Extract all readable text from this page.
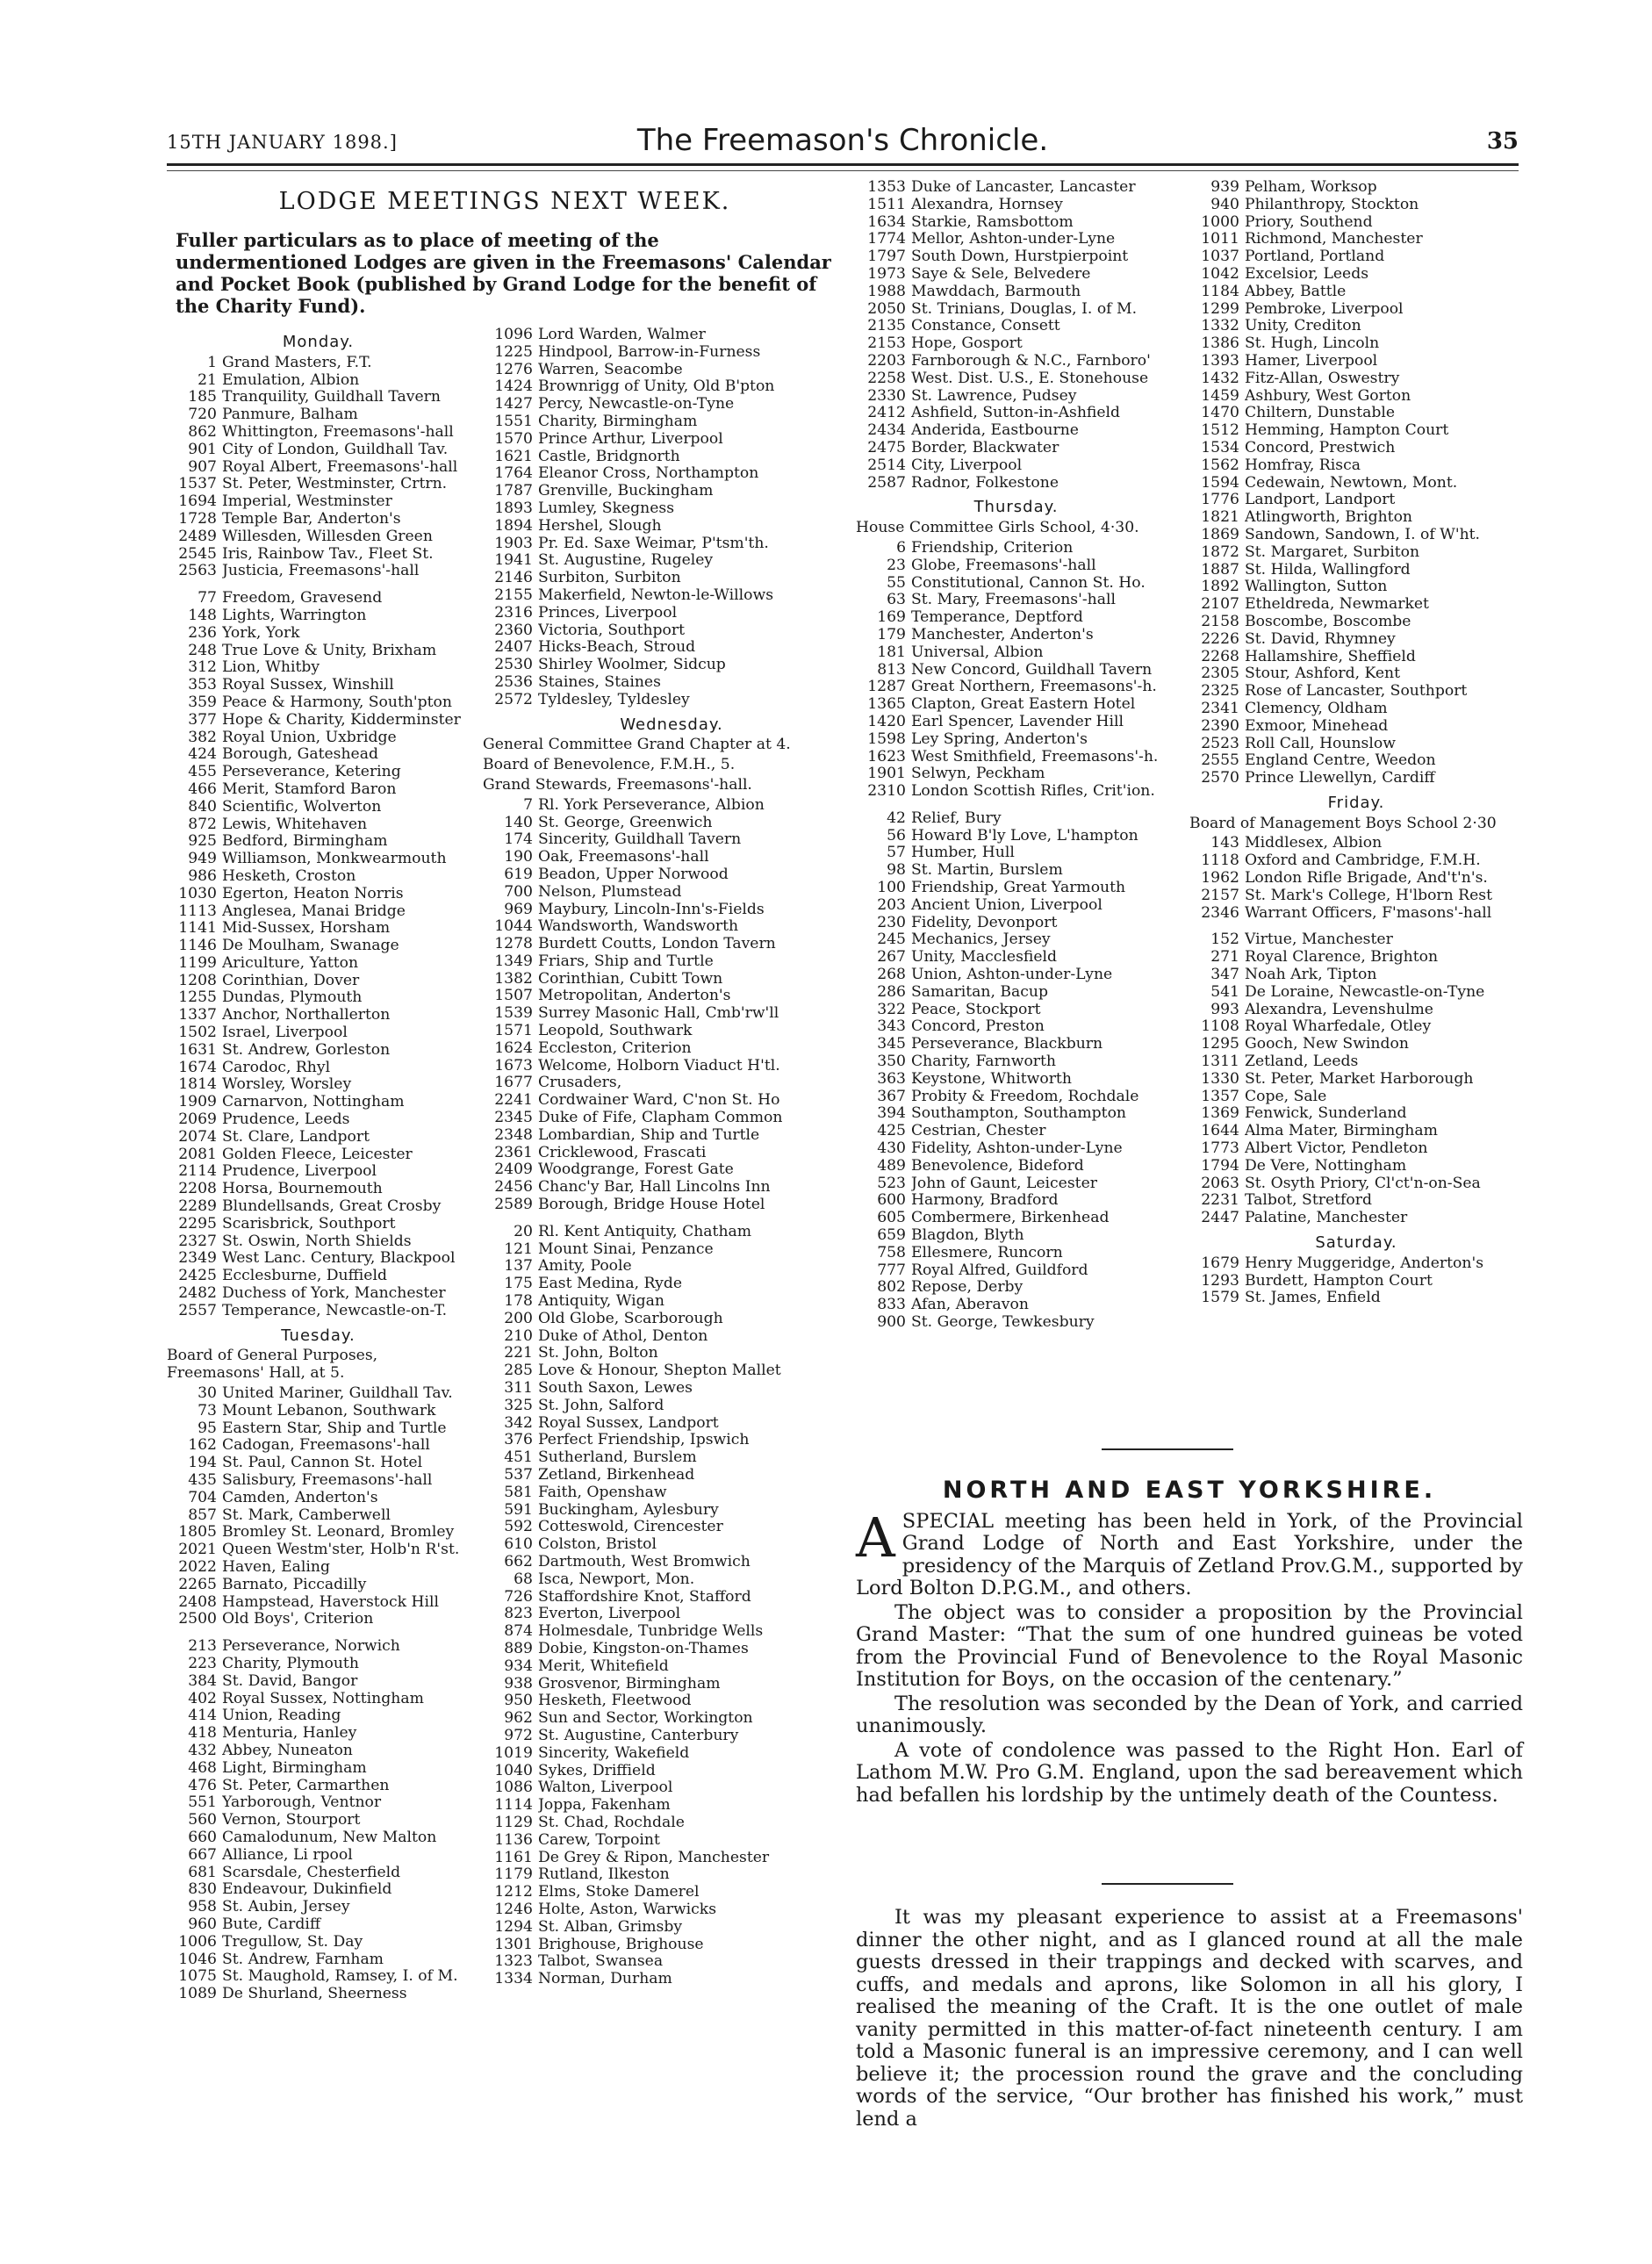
15TH JANUARY 1898.]	The Freemason's Chronicle.	35
LODGE MEETINGS NEXT WEEK.
Fuller particulars as to place of meeting of the undermentioned Lodges are given in the Freemasons' Calendar and Pocket Book (published by Grand Lodge for the benefit of the Charity Fund).
Monday.
1 Grand Masters, F.T.
21 Emulation, Albion
185 Tranquility, Guildhall Tavern
720 Panmure, Balham
862 Whittington, Freemasons'-hall
901 City of London, Guildhall Tav.
907 Royal Albert, Freemasons'-hall
1537 St. Peter, Westminster, Crtrn.
1694 Imperial, Westminster
1728 Temple Bar, Anderton's
2489 Willesden, Willesden Green
2545 Iris, Rainbow Tav., Fleet St.
2563 Justicia, Freemasons'-hall
77 Freedom, Gravesend
148 Lights, Warrington
236 York, York
248 True Love & Unity, Brixham
312 Lion, Whitby
353 Royal Sussex, Winshill
359 Peace & Harmony, South'pton
377 Hope & Charity, Kidderminster
382 Royal Union, Uxbridge
424 Borough, Gateshead
455 Perseverance, Ketering
466 Merit, Stamford Baron
840 Scientific, Wolverton
872 Lewis, Whitehaven
925 Bedford, Birmingham
949 Williamson, Monkwearmouth
986 Hesketh, Croston
1030 Egerton, Heaton Norris
1113 Anglesea, Manai Bridge
1141 Mid-Sussex, Horsham
1146 De Moulham, Swanage
1199 Ariculture, Yatton
1208 Corinthian, Dover
1255 Dundas, Plymouth
1337 Anchor, Northallerton
1502 Israel, Liverpool
1631 St. Andrew, Gorleston
1674 Carodoc, Rhyl
1814 Worsley, Worsley
1909 Carnarvon, Nottingham
2069 Prudence, Leeds
2074 St. Clare, Landport
2081 Golden Fleece, Leicester
2114 Prudence, Liverpool
2208 Horsa, Bournemouth
2289 Blundellsands, Great Crosby
2295 Scarisbrick, Southport
2327 St. Oswin, North Shields
2349 West Lanc. Century, Blackpool
2425 Ecclesburne, Duffield
2482 Duchess of York, Manchester
2557 Temperance, Newcastle-on-T.
Tuesday.
Board of General Purposes, Freemasons' Hall, at 5.
30 United Mariner, Guildhall Tav.
73 Mount Lebanon, Southwark
95 Eastern Star, Ship and Turtle
162 Cadogan, Freemasons'-hall
194 St. Paul, Cannon St. Hotel
435 Salisbury, Freemasons'-hall
704 Camden, Anderton's
857 St. Mark, Camberwell
1805 Bromley St. Leonard, Bromley
2021 Queen Westm'ster, Holb'n R'st.
2022 Haven, Ealing
2265 Barnato, Piccadilly
2408 Hampstead, Haverstock Hill
2500 Old Boys', Criterion
213 Perseverance, Norwich
223 Charity, Plymouth
384 St. David, Bangor
402 Royal Sussex, Nottingham
414 Union, Reading
418 Menturia, Hanley
432 Abbey, Nuneaton
468 Light, Birmingham
476 St. Peter, Carmarthen
551 Yarborough, Ventnor
560 Vernon, Stourport
660 Camalodunum, New Malton
667 Alliance, Li rpool
681 Scarsdale, Chesterfield
830 Endeavour, Dukinfield
958 St. Aubin, Jersey
960 Bute, Cardiff
1006 Tregullow, St. Day
1046 St. Andrew, Farnham
1075 St. Maughold, Ramsey, I. of M.
1089 De Shurland, Sheerness
1096 Lord Warden, Walmer
1225 Hindpool, Barrow-in-Furness
1276 Warren, Seacombe
1424 Brownrigg of Unity, Old B'pton
1427 Percy, Newcastle-on-Tyne
1551 Charity, Birmingham
1570 Prince Arthur, Liverpool
1621 Castle, Bridgnorth
1764 Eleanor Cross, Northampton
1787 Grenville, Buckingham
1893 Lumley, Skegness
1894 Hershel, Slough
1903 Pr. Ed. Saxe Weimar, P'tsm'th.
1941 St. Augustine, Rugeley
2146 Surbiton, Surbiton
2155 Makerfield, Newton-le-Willows
2316 Princes, Liverpool
2360 Victoria, Southport
2407 Hicks-Beach, Stroud
2530 Shirley Woolmer, Sidcup
2536 Staines, Staines
2572 Tyldesley, Tyldesley
Wednesday.
General Committee Grand Chapter at 4.
Board of Benevolence, F.M.H., 5.
Grand Stewards, Freemasons'-hall.
7 Rl. York Perseverance, Albion
140 St. George, Greenwich
174 Sincerity, Guildhall Tavern
190 Oak, Freemasons'-hall
619 Beadon, Upper Norwood
700 Nelson, Plumstead
969 Maybury, Lincoln-Inn's-Fields
1044 Wandsworth, Wandsworth
1278 Burdett Coutts, London Tavern
1349 Friars, Ship and Turtle
1382 Corinthian, Cubitt Town
1507 Metropolitan, Anderton's
1539 Surrey Masonic Hall, Cmb'rw'll
1571 Leopold, Southwark
1624 Eccleston, Criterion
1673 Welcome, Holborn Viaduct H'tl.
1677 Crusaders,
2241 Cordwainer Ward, C'non St. Ho
2345 Duke of Fife, Clapham Common
2348 Lombardian, Ship and Turtle
2361 Cricklewood, Frascati
2409 Woodgrange, Forest Gate
2456 Chanc'y Bar, Hall Lincolns Inn
2589 Borough, Bridge House Hotel
20 Rl. Kent Antiquity, Chatham
121 Mount Sinai, Penzance
137 Amity, Poole
175 East Medina, Ryde
178 Antiquity, Wigan
200 Old Globe, Scarborough
210 Duke of Athol, Denton
221 St. John, Bolton
285 Love & Honour, Shepton Mallet
311 South Saxon, Lewes
325 St. John, Salford
342 Royal Sussex, Landport
376 Perfect Friendship, Ipswich
451 Sutherland, Burslem
537 Zetland, Birkenhead
581 Faith, Openshaw
591 Buckingham, Aylesbury
592 Cotteswold, Cirencester
610 Colston, Bristol
662 Dartmouth, West Bromwich
68 Isca, Newport, Mon.
726 Staffordshire Knot, Stafford
823 Everton, Liverpool
874 Holmesdale, Tunbridge Wells
889 Dobie, Kingston-on-Thames
934 Merit, Whitefield
938 Grosvenor, Birmingham
950 Hesketh, Fleetwood
962 Sun and Sector, Workington
972 St. Augustine, Canterbury
1019 Sincerity, Wakefield
1040 Sykes, Driffield
1086 Walton, Liverpool
1114 Joppa, Fakenham
1129 St. Chad, Rochdale
1136 Carew, Torpoint
1161 De Grey & Ripon, Manchester
1179 Rutland, Ilkeston
1212 Elms, Stoke Damerel
1246 Holte, Aston, Warwicks
1294 St. Alban, Grimsby
1301 Brighouse, Brighouse
1323 Talbot, Swansea
1334 Norman, Durham
1353 Duke of Lancaster, Lancaster
1511 Alexandra, Hornsey
1634 Starkie, Ramsbottom
1774 Mellor, Ashton-under-Lyne
1797 South Down, Hurstpierpoint
1973 Saye & Sele, Belvedere
1988 Mawddach, Barmouth
2050 St. Trinians, Douglas, I. of M.
2135 Constance, Consett
2153 Hope, Gosport
2203 Farnborough & N.C., Farnboro'
2258 West. Dist. U.S., E. Stonehouse
2330 St. Lawrence, Pudsey
2412 Ashfield, Sutton-in-Ashfield
2434 Anderida, Eastbourne
2475 Border, Blackwater
2514 City, Liverpool
2587 Radnor, Folkestone
Thursday.
House Committee Girls School, 4·30.
6 Friendship, Criterion
23 Globe, Freemasons'-hall
55 Constitutional, Cannon St. Ho.
63 St. Mary, Freemasons'-hall
169 Temperance, Deptford
179 Manchester, Anderton's
181 Universal, Albion
813 New Concord, Guildhall Tavern
1287 Great Northern, Freemasons'-h.
1365 Clapton, Great Eastern Hotel
1420 Earl Spencer, Lavender Hill
1598 Ley Spring, Anderton's
1623 West Smithfield, Freemasons'-h.
1901 Selwyn, Peckham
2310 London Scottish Rifles, Crit'ion.
42 Relief, Bury
56 Howard B'ly Love, L'hampton
57 Humber, Hull
98 St. Martin, Burslem
100 Friendship, Great Yarmouth
203 Ancient Union, Liverpool
230 Fidelity, Devonport
245 Mechanics, Jersey
267 Unity, Macclesfield
268 Union, Ashton-under-Lyne
286 Samaritan, Bacup
322 Peace, Stockport
343 Concord, Preston
345 Perseverance, Blackburn
350 Charity, Farnworth
363 Keystone, Whitworth
367 Probity & Freedom, Rochdale
394 Southampton, Southampton
425 Cestrian, Chester
430 Fidelity, Ashton-under-Lyne
489 Benevolence, Bideford
523 John of Gaunt, Leicester
600 Harmony, Bradford
605 Combermere, Birkenhead
659 Blagdon, Blyth
758 Ellesmere, Runcorn
777 Royal Alfred, Guildford
802 Repose, Derby
833 Afan, Aberavon
900 St. George, Tewkesbury
939 Pelham, Worksop
940 Philanthropy, Stockton
1000 Priory, Southend
1011 Richmond, Manchester
1037 Portland, Portland
1042 Excelsior, Leeds
1184 Abbey, Battle
1299 Pembroke, Liverpool
1332 Unity, Crediton
1386 St. Hugh, Lincoln
1393 Hamer, Liverpool
1432 Fitz-Allan, Oswestry
1459 Ashbury, West Gorton
1470 Chiltern, Dunstable
1512 Hemming, Hampton Court
1534 Concord, Prestwich
1562 Homfray, Risca
1594 Cedewain, Newtown, Mont.
1776 Landport, Landport
1821 Atlingworth, Brighton
1869 Sandown, Sandown, I. of W'ht.
1872 St. Margaret, Surbiton
1887 St. Hilda, Wallingford
1892 Wallington, Sutton
2107 Etheldreda, Newmarket
2158 Boscombe, Boscombe
2226 St. David, Rhymney
2268 Hallamshire, Sheffield
2305 Stour, Ashford, Kent
2325 Rose of Lancaster, Southport
2341 Clemency, Oldham
2390 Exmoor, Minehead
2523 Roll Call, Hounslow
2555 England Centre, Weedon
2570 Prince Llewellyn, Cardiff
Friday.
Board of Management Boys School 2·30
143 Middlesex, Albion
1118 Oxford and Cambridge, F.M.H.
1962 London Rifle Brigade, And't'n's.
2157 St. Mark's College, H'lborn Rest
2346 Warrant Officers, F'masons'-hall
152 Virtue, Manchester
271 Royal Clarence, Brighton
347 Noah Ark, Tipton
541 De Loraine, Newcastle-on-Tyne
993 Alexandra, Levenshulme
1108 Royal Wharfedale, Otley
1295 Gooch, New Swindon
1311 Zetland, Leeds
1330 St. Peter, Market Harborough
1357 Cope, Sale
1369 Fenwick, Sunderland
1644 Alma Mater, Birmingham
1773 Albert Victor, Pendleton
1794 De Vere, Nottingham
2063 St. Osyth Priory, Cl'ct'n-on-Sea
2231 Talbot, Stretford
2447 Palatine, Manchester
Saturday.
1679 Henry Muggeridge, Anderton's
1293 Burdett, Hampton Court
1579 St. James, Enfield
NORTH AND EAST YORKSHIRE.

ASPECIAL meeting has been held in York, of the Provincial Grand Lodge of North and East Yorkshire, under the presidency of the Marquis of Zetland Prov.G.M., supported by Lord Bolton D.P.G.M., and others.

The object was to consider a proposition by the Provincial Grand Master: “That the sum of one hundred guineas be voted from the Provincial Fund of Benevolence to the Royal Masonic Institution for Boys, on the occasion of the centenary.”

The resolution was seconded by the Dean of York, and carried unanimously.

A vote of condolence was passed to the Right Hon. Earl of Lathom M.W. Pro G.M. England, upon the sad bereavement which had befallen his lordship by the untimely death of the Countess.

It was my pleasant experience to assist at a Freemasons' dinner the other night, and as I glanced round at all the male guests dressed in their trappings and decked with scarves, and cuffs, and medals and aprons, like Solomon in all his glory, I realised the meaning of the Craft. It is the one outlet of male vanity permitted in this matter-of-fact nineteenth century. I am told a Masonic funeral is an impressive ceremony, and I can well believe it; the procession round the grave and the concluding words of the service, “Our brother has finished his work,” must lend a
